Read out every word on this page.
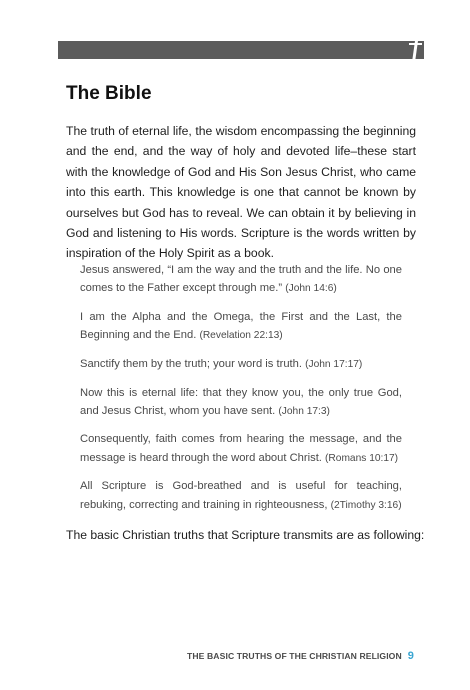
The Bible

The truth of eternal life, the wisdom encompassing the beginning and the end, and the way of holy and devoted life–these start with the knowledge of God and His Son Jesus Christ, who came into this earth. This knowledge is one that cannot be known by ourselves but God has to reveal. We can obtain it by believing in God and listening to His words. Scripture is the words written by inspiration of the Holy Spirit as a book.

Jesus answered, “I am the way and the truth and the life. No one comes to the Father except through me.” (John 14:6)

I am the Alpha and the Omega, the First and the Last, the Beginning and the End. (Revelation 22:13)

Sanctify them by the truth; your word is truth. (John 17:17)

Now this is eternal life: that they know you, the only true God, and Jesus Christ, whom you have sent. (John 17:3)

Consequently, faith comes from hearing the message, and the message is heard through the word about Christ. (Romans 10:17)

All Scripture is God-breathed and is useful for teaching, rebuking, correcting and training in righteousness, (2Timothy 3:16)

The basic Christian truths that Scripture transmits are as following:

THE BASIC TRUTHS OF THE CHRISTIAN RELIGION 9
